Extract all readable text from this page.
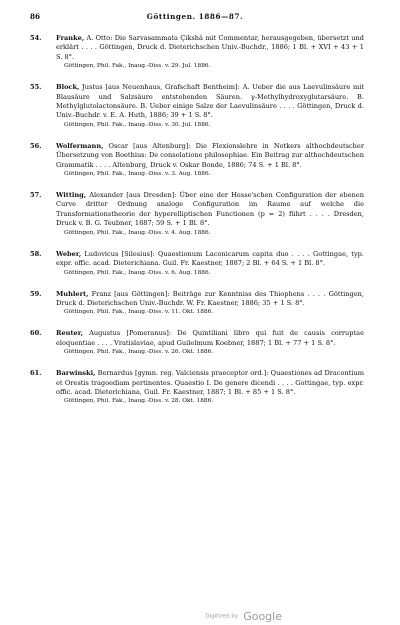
86	Göttingen. 1886—87.
54. Franke, A. Otto: Die Sarvasammata Çikshâ mit Commentar, herausgegeben, übersetzt und erklärt . . . . Göttingen, Druck d. Dieterichschen Univ.-Buchdr., 1886; 1 Bl. + XVI + 43 + 1 S. 8°.
Göttingen, Phil. Fak., Inaug.-Diss. v. 29. Jul. 1886.
55. Block, Justus [aus Neuenhaus, Grafschaft Bentheim]: A. Ueber die aus Laevulinsäure mit Blausäure und Salzsäure entstehenden Säuren. γ-Methylhydroxyglutarsäure. B. Methylglutolactonsäure. B. Ueber einige Salze der Laevulinsäure . . . . Göttingen, Druck d. Univ.-Buchdr. v. E. A. Huth, 1886; 39 + 1 S. 8°.
Göttingen, Phil. Fak., Inaug.-Diss. v. 30. Jul. 1886.
56. Wolfermann, Oscar [aus Altenburg]: Die Flexionslehre in Notkers althochdeutscher Übersetzung von Boethius: De consolatione philosophiae. Ein Beitrag zur althochdeutschen Grammatik . . . . Altenburg, Druck v. Oskar Bonde, 1886; 74 S. + 1 Bl. 8°.
Göttingen, Phil. Fak., Inaug.-Diss. v. 3. Aug. 1886.
57. Witting, Alexander [aus Dresden]: Über eine der Hesse'schen Configuration der ebenen Curve dritter Ordnung analoge Configuration im Raume auf welche die Transformationstheorie der hyperelliptischen Functionen (p = 2) führt . . . . Dresden, Druck v. B. G. Teubner, 1887; 59 S. + 1 Bl. 8°.
Göttingen, Phil. Fak., Inaug.-Diss. v. 4. Aug. 1886.
58. Weber, Ludovicus [Silesius]: Quaestionum Laconicarum capita duo . . . . Gottingae, typ. expr. offic. acad. Dieterichiana. Guil. Fr. Kaestner, 1887; 2 Bl. + 64 S. + 1 Bl. 8°.
Göttingen, Phil. Fak., Inaug.-Diss. v. 6. Aug. 1886.
59. Muhlert, Franz [aus Göttingen]: Beiträge zur Kenntniss des Thiophens . . . . Göttingen, Druck d. Dieterichschen Univ.-Buchdr. W. Fr. Kaestner, 1886; 35 + 1 S. 8°.
Göttingen, Phil. Fak., Inaug.-Diss. v. 11. Okt. 1886.
60. Reuter, Augustus [Pomeranus]: De Quintiliani libro qui fuit de causis corruptae eloquentiae . . . . Vratislaviae, apud Guilelmum Koebner, 1887; 1 Bl. + 77 + 1 S. 8°.
Göttingen, Phil. Fak., Inaug.-Diss. v. 26. Okt. 1886.
61. Barwinski, Bernardus [gymn. reg. Valciensis praeceptor ord.]: Quaestiones ad Dracontium et Orestis tragoediam pertinentes. Quaestio I. De genere dicendi . . . . Gottingae, typ. expr. offic. acad. Dieterichiana, Guil. Fr. Kaestner, 1887; 1 Bl. + 85 + 1 S. 8°.
Göttingen, Phil. Fak., Inaug.-Diss. v. 28. Okt. 1886.
Digitized by Google
